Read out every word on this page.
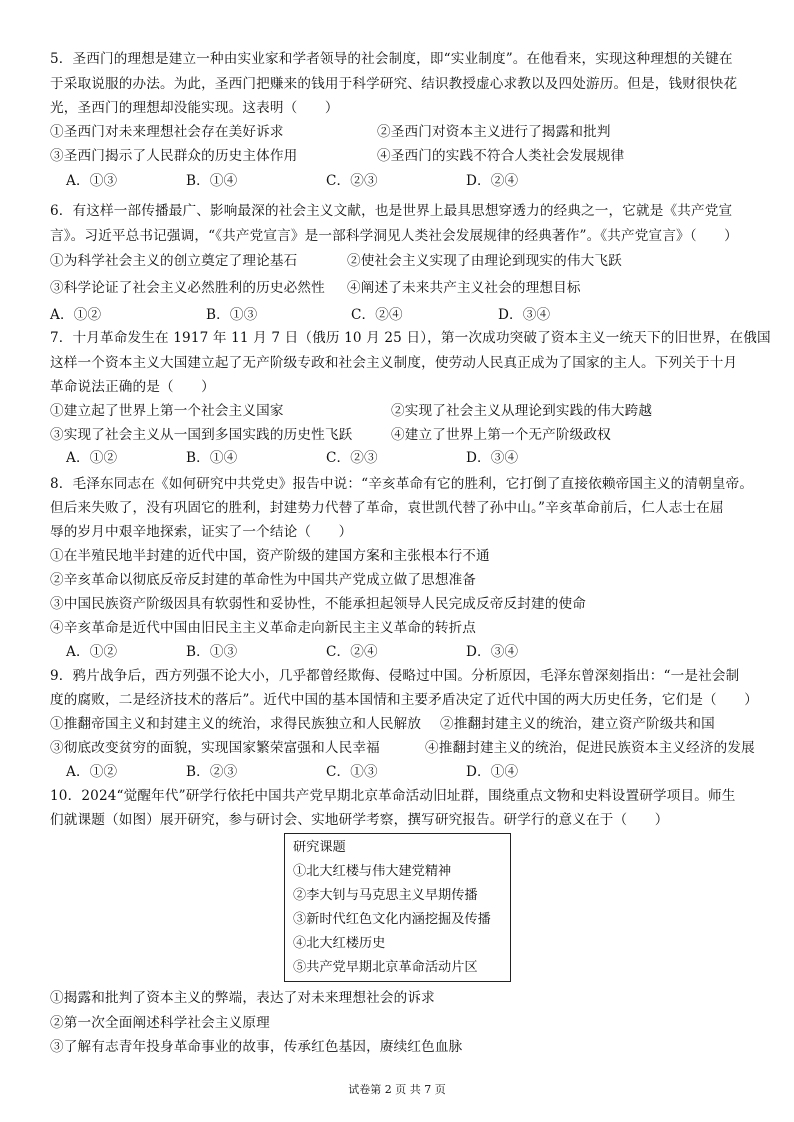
5．圣西门的理想是建立一种由实业家和学者领导的社会制度，即“实业制度”。在他看来，实现这种理想的关键在
于采取说服的办法。为此，圣西门把赚来的钱用于科学研究、结识教授虚心求教以及四处游历。但是，钱财很快花
光，圣西门的理想却没能实现。这表明（　　）
①圣西门对未来理想社会存在美好诉求	②圣西门对资本主义进行了揭露和批判
③圣西门揭示了人民群众的历史主体作用	④圣西门的实践不符合人类社会发展规律
A．①③	B．①④	C．②③	D．②④
6．有这样一部传播最广、影响最深的社会主义文献，也是世界上最具思想穿透力的经典之一，它就是《共产党宣
言》。习近平总书记强调，“《共产党宣言》是一部科学洞见人类社会发展规律的经典著作”。《共产党宣言》（　　）
①为科学社会主义的创立奠定了理论基石	②使社会主义实现了由理论到现实的伟大飞跃
③科学论证了社会主义必然胜利的历史必然性 ④阐述了未来共产主义社会的理想目标
A．①②	B．①③	C．②④	D．③④
7．十月革命发生在 1917 年 11 月 7 日（俄历 10 月 25 日），第一次成功突破了资本主义一统天下的旧世界，在俄国
这样一个资本主义大国建立起了无产阶级专政和社会主义制度，使劳动人民真正成为了国家的主人。下列关于十月
革命说法正确的是（　　）
①建立起了世界上第一个社会主义国家	②实现了社会主义从理论到实践的伟大跨越
③实现了社会主义从一国到多国实践的历史性飞跃	④建立了世界上第一个无产阶级政权
A．①②	B．①④	C．②③	D．③④
8．毛泽东同志在《如何研究中共党史》报告中说：“辛亥革命有它的胜利，它打倒了直接依赖帝国主义的清朝皇帝。
但后来失败了，没有巩固它的胜利，封建势力代替了革命，袁世凯代替了孙中山。”辛亥革命前后，仁人志士在屈
辱的岁月中艰辛地探索，证实了一个结论（　　）
①在半殖民地半封建的近代中国，资产阶级的建国方案和主张根本行不通
②辛亥革命以彻底反帝反封建的革命性为中国共产党成立做了思想准备
③中国民族资产阶级因具有软弱性和妥协性，不能承担起领导人民完成反帝反封建的使命
④辛亥革命是近代中国由旧民主主义革命走向新民主主义革命的转折点
A．①②	B．①③	C．②④	D．③④
9．鸦片战争后，西方列强不论大小，几乎都曾经欺侮、侵略过中国。分析原因，毛泽东曾深刻指出：“一是社会制
度的腐败，二是经济技术的落后”。近代中国的基本国情和主要矛盾决定了近代中国的两大历史任务，它们是（　　）
①推翻帝国主义和封建主义的统治，求得民族独立和人民解放 ②推翻封建主义的统治，建立资产阶级共和国
③彻底改变贫穷的面貌，实现国家繁荣富强和人民幸福	④推翻封建主义的统治，促进民族资本主义经济的发展
A．①②	B．②③	C．①③	D．①④
10．2024“觉醒年代”研学行依托中国共产党早期北京革命活动旧址群，围绕重点文物和史料设置研学项目。师生
们就课题（如图）展开研究，参与研讨会、实地研学考察，撰写研究报告。研学行的意义在于（　　）
研究课题
①北大红楼与伟大建党精神
②李大钊与马克思主义早期传播
③新时代红色文化内涵挖掘及传播
④北大红楼历史
⑤共产党早期北京革命活动片区
①揭露和批判了资本主义的弊端，表达了对未来理想社会的诉求
②第一次全面阐述科学社会主义原理
③了解有志青年投身革命事业的故事，传承红色基因，赓续红色血脉
试卷第 2 页 共 7 页
